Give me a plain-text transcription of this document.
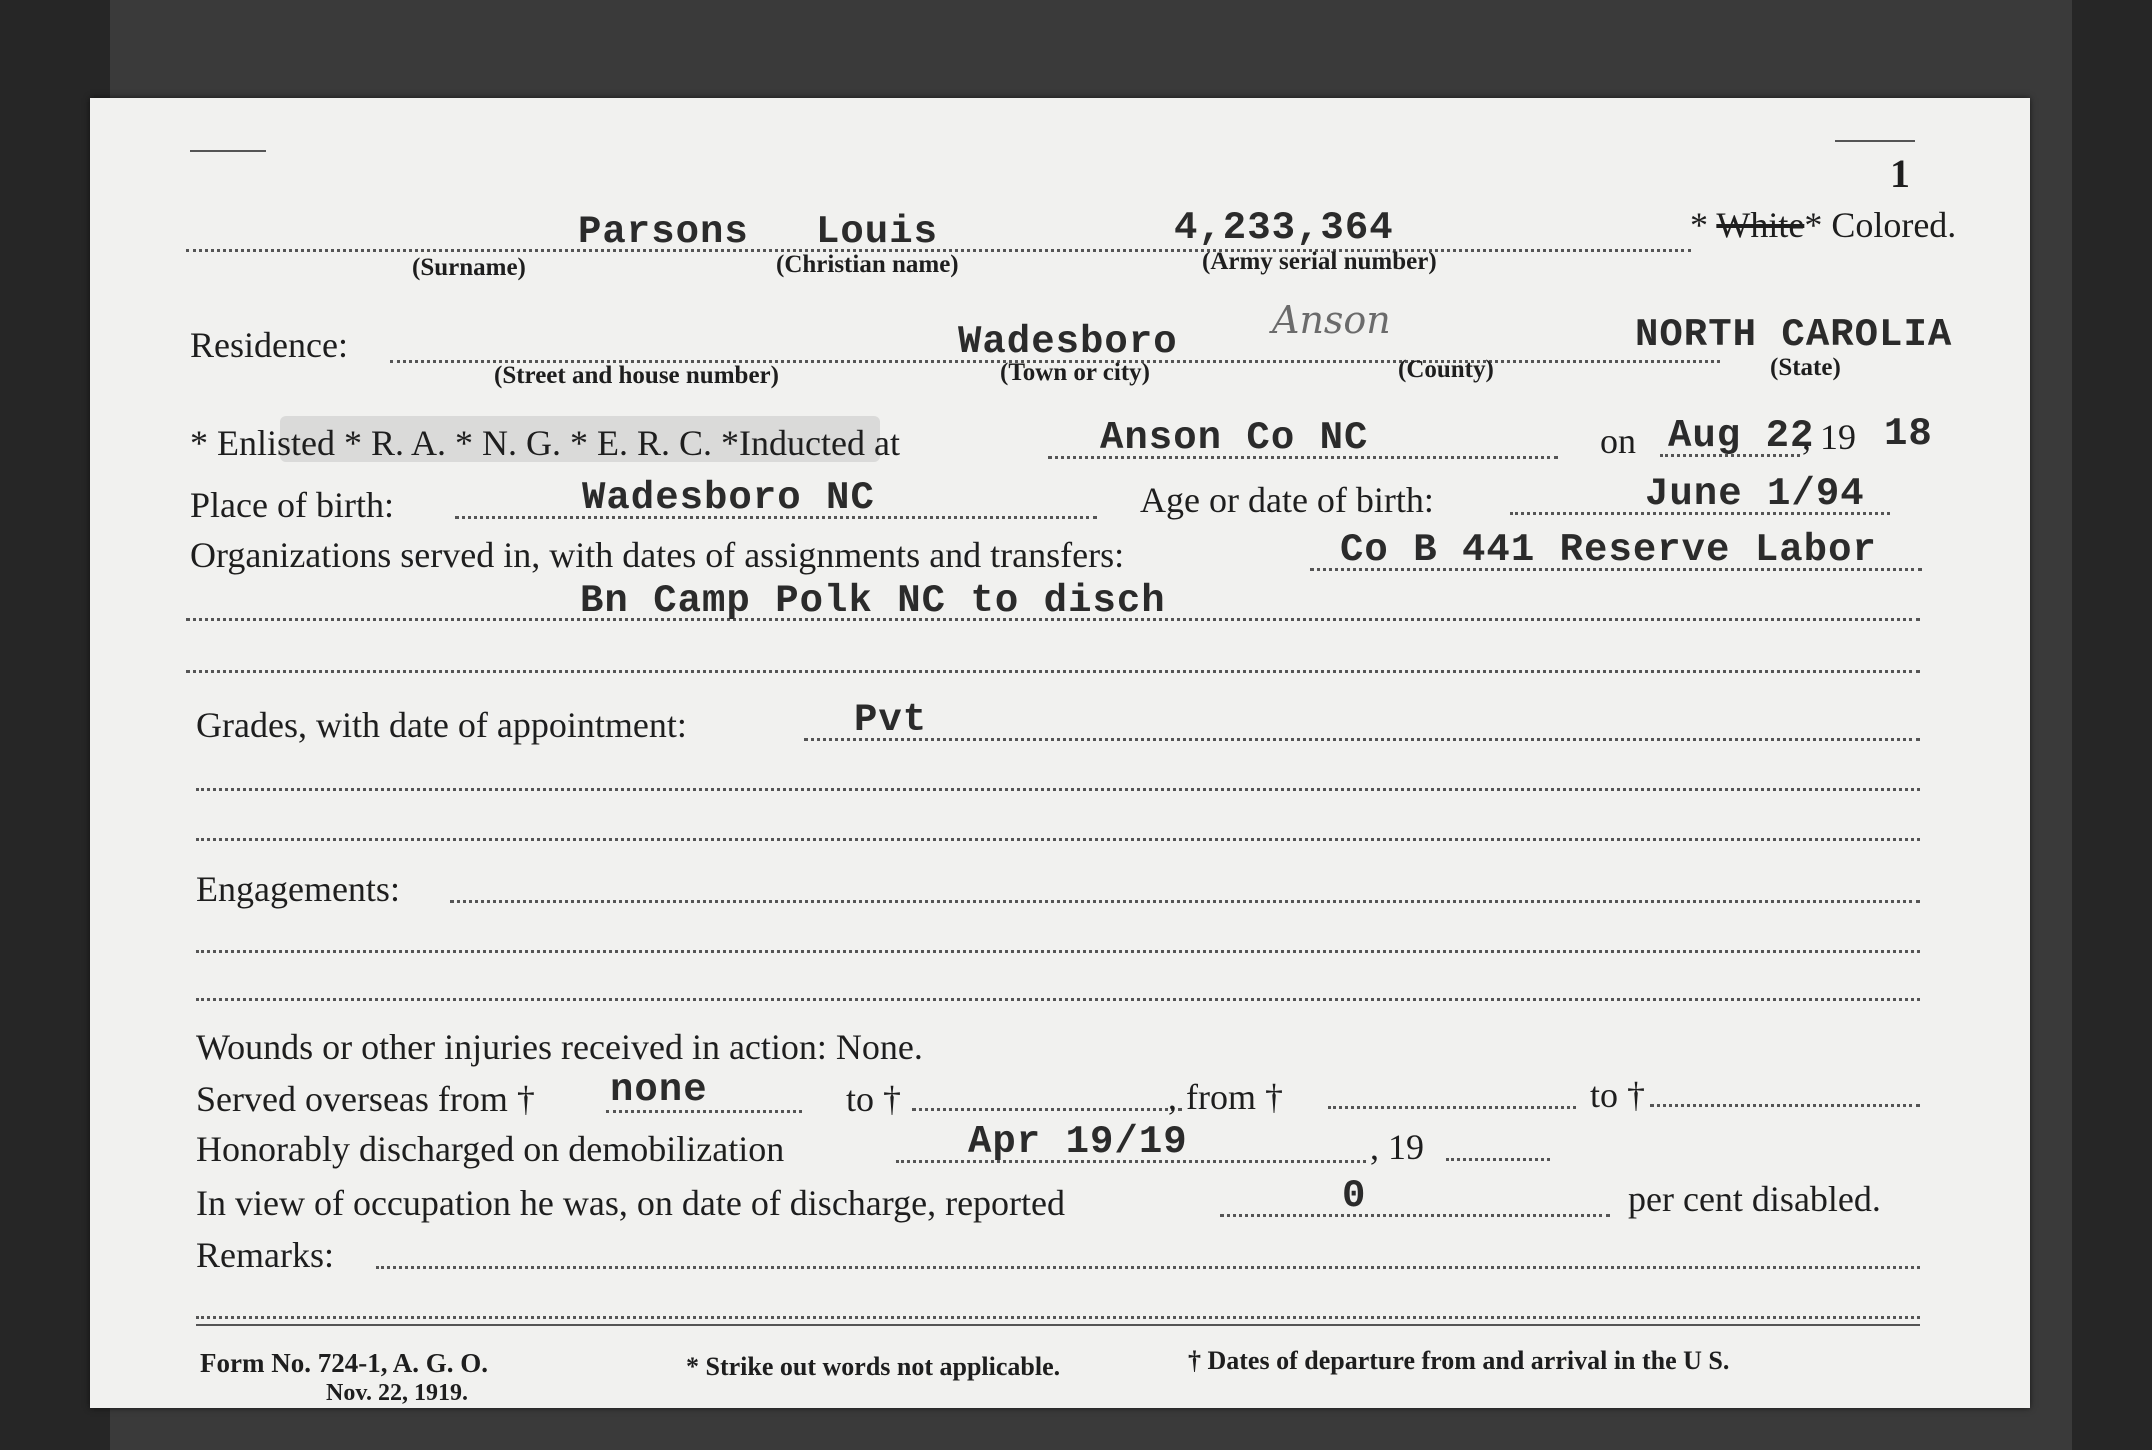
1
Parsons Louis	4,233,364
(Surname)	(Christian name)	(Army serial number)
* White* Colored.
Residence:	Wadesboro Anson	NORTH CAROLIA
(Street and house number)	(Town or city)	(County)	(State)
* Enlisted * R. A. * N. G. * E. R. C. *Inducted at	Anson Co NC	on Aug 22
, 19 18
Place of birth:	Wadesboro NC	Age or date of birth:	June 1/94
Organizations served in, with dates of assignments and transfers:	Co B 441 Reserve Labor
Bn Camp Polk NC to disch
Grades, with date of appointment:	Pvt
Engagements:
Wounds or other injuries received in action: None.
Served overseas from † none	to †	, from †	to †
Honorably discharged on demobilization	Apr 19/19	, 19
In view of occupation he was, on date of discharge, reported	0	per cent disabled.
Remarks:
Form No. 724-1, A. G. O.
Nov. 22, 1919.
* Strike out words not applicable.	† Dates of departure from and arrival in the U S.
